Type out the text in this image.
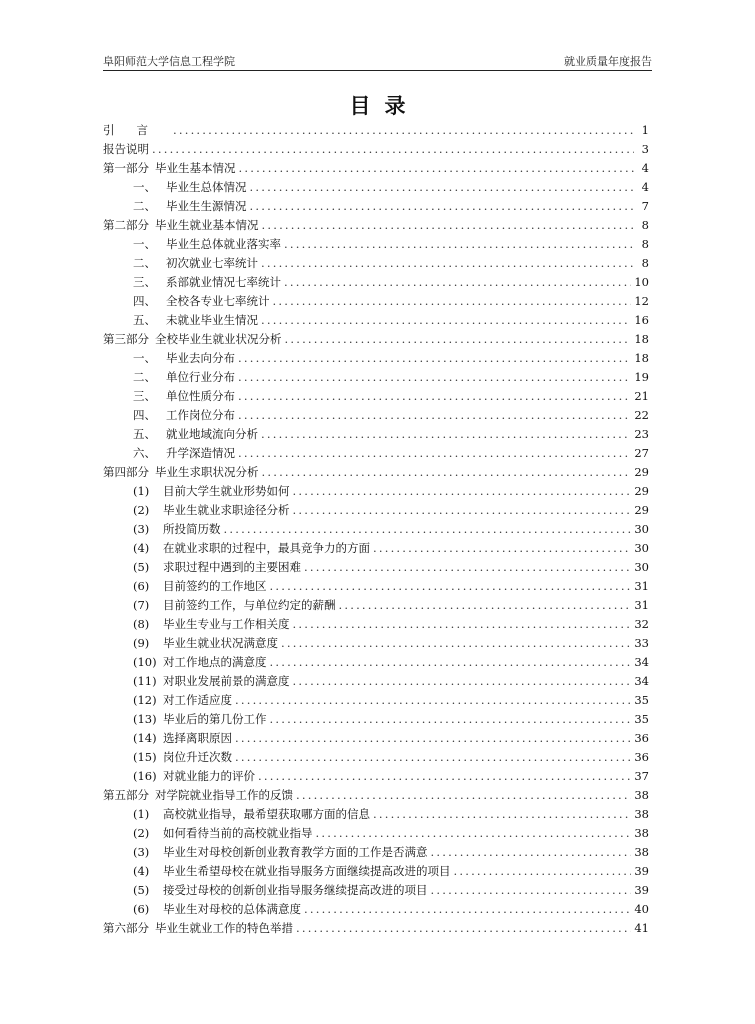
阜阳师范大学信息工程学院	就业质量年度报告
目录
引言 .....	1
报告说明 .....	3
第一部分 毕业生基本情况 .....	4
一、 毕业生总体情况 .....	4
二、 毕业生生源情况 .....	7
第二部分 毕业生就业基本情况 .....	8
一、 毕业生总体就业落实率 .....	8
二、 初次就业七率统计 .....	8
三、 系部就业情况七率统计 .....	10
四、 全校各专业七率统计 .....	12
五、 未就业毕业生情况 .....	16
第三部分 全校毕业生就业状况分析 .....	18
一、 毕业去向分布 .....	18
二、 单位行业分布 .....	19
三、 单位性质分布 .....	21
四、 工作岗位分布 .....	22
五、 就业地域流向分析 .....	23
六、 升学深造情况 .....	27
第四部分 毕业生求职状况分析 .....	29
(1)	目前大学生就业形势如何 .....	29
(2)	毕业生就业求职途径分析 .....	29
(3)	所投简历数 .....	30
(4)	在就业求职的过程中，最具竞争力的方面 .....	30
(5)	求职过程中遇到的主要困难 .....	30
(6)	目前签约的工作地区 .....	31
(7)	目前签约工作，与单位约定的薪酬 .....	31
(8)	毕业生专业与工作相关度 .....	32
(9)	毕业生就业状况满意度 .....	33
(10) 对工作地点的满意度 .....	34
(11) 对职业发展前景的满意度 .....	34
(12) 对工作适应度 .....	35
(13) 毕业后的第几份工作 .....	35
(14) 选择离职原因 .....	36
(15) 岗位升迁次数 .....	36
(16) 对就业能力的评价 .....	37
第五部分 对学院就业指导工作的反馈 .....	38
(1)	高校就业指导，最希望获取哪方面的信息 .....	38
(2)	如何看待当前的高校就业指导 .....	38
(3)	毕业生对母校创新创业教育教学方面的工作是否满意 .....	38
(4)	毕业生希望母校在就业指导服务方面继续提高改进的项目 .....	39
(5)	接受过母校的创新创业指导服务继续提高改进的项目 .....	39
(6)	毕业生对母校的总体满意度 .....	40
第六部分 毕业生就业工作的特色举措 .....	41
